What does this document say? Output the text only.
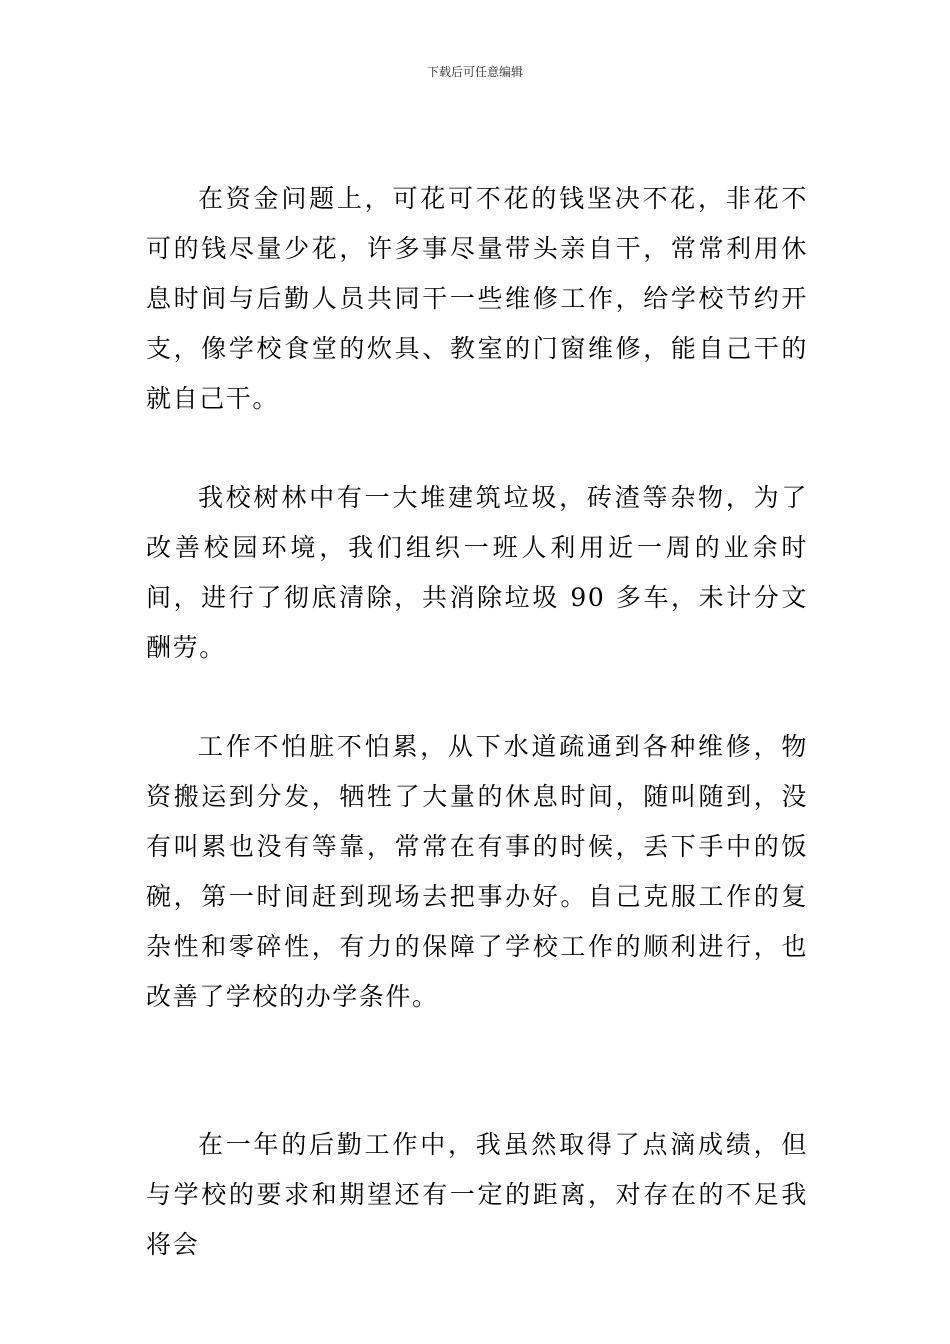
下载后可任意编辑

在资金问题上，可花可不花的钱坚决不花，非花不可的钱尽量少花，许多事尽量带头亲自干，常常利用休息时间与后勤人员共同干一些维修工作，给学校节约开支，像学校食堂的炊具、教室的门窗维修，能自己干的就自己干。

我校树林中有一大堆建筑垃圾，砖渣等杂物，为了改善校园环境，我们组织一班人利用近一周的业余时间，进行了彻底清除，共消除垃圾 90 多车，未计分文酬劳。

工作不怕脏不怕累，从下水道疏通到各种维修，物资搬运到分发，牺牲了大量的休息时间，随叫随到，没有叫累也没有等靠，常常在有事的时候，丢下手中的饭碗，第一时间赶到现场去把事办好。自己克服工作的复杂性和零碎性，有力的保障了学校工作的顺利进行，也改善了学校的办学条件。

在一年的后勤工作中，我虽然取得了点滴成绩，但与学校的要求和期望还有一定的距离，对存在的不足我将会
